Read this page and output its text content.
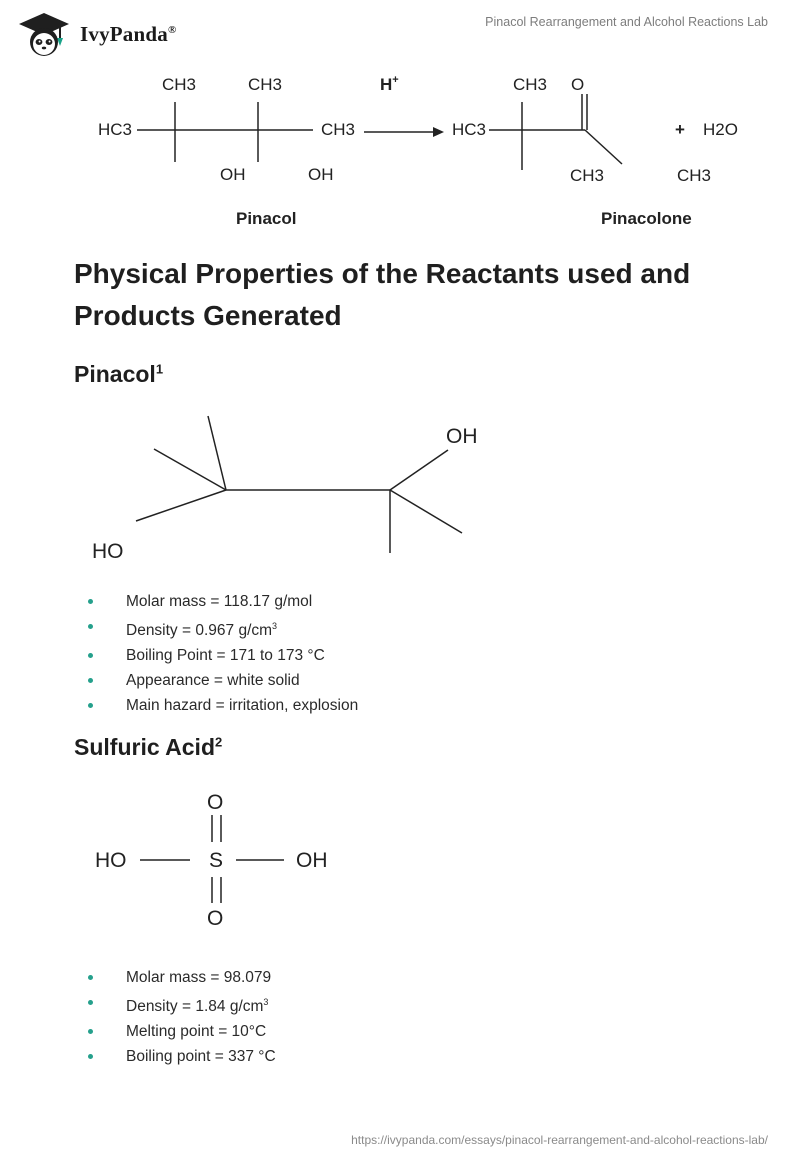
IvyPanda®
Pinacol Rearrangement and Alcohol Reactions Lab
HC3
CH3	CH3
CH3
OH	OH
H+
HC3
CH3 O
CH3
+ H2O
CH3
Pinacol	Pinacolone
Physical Properties of the Reactants used and Products Generated
Pinacol$^1$
OH
HO
Molar mass = 118.17 g/mol
Density = 0.967 $g/cm^3$
Boiling Point = 171 to 173 °C
Appearance = white solid
Main hazard = irritation, explosion
Sulfuric Acid$^2$
O
HO	S	OH
O
Molar mass = 98.079
Density = 1.84 $g/cm^3$
Melting point = 10°C
Boiling point = 337 °C
https://ivypanda.com/essays/pinacol-rearrangement-and-alcohol-reactions-lab/
